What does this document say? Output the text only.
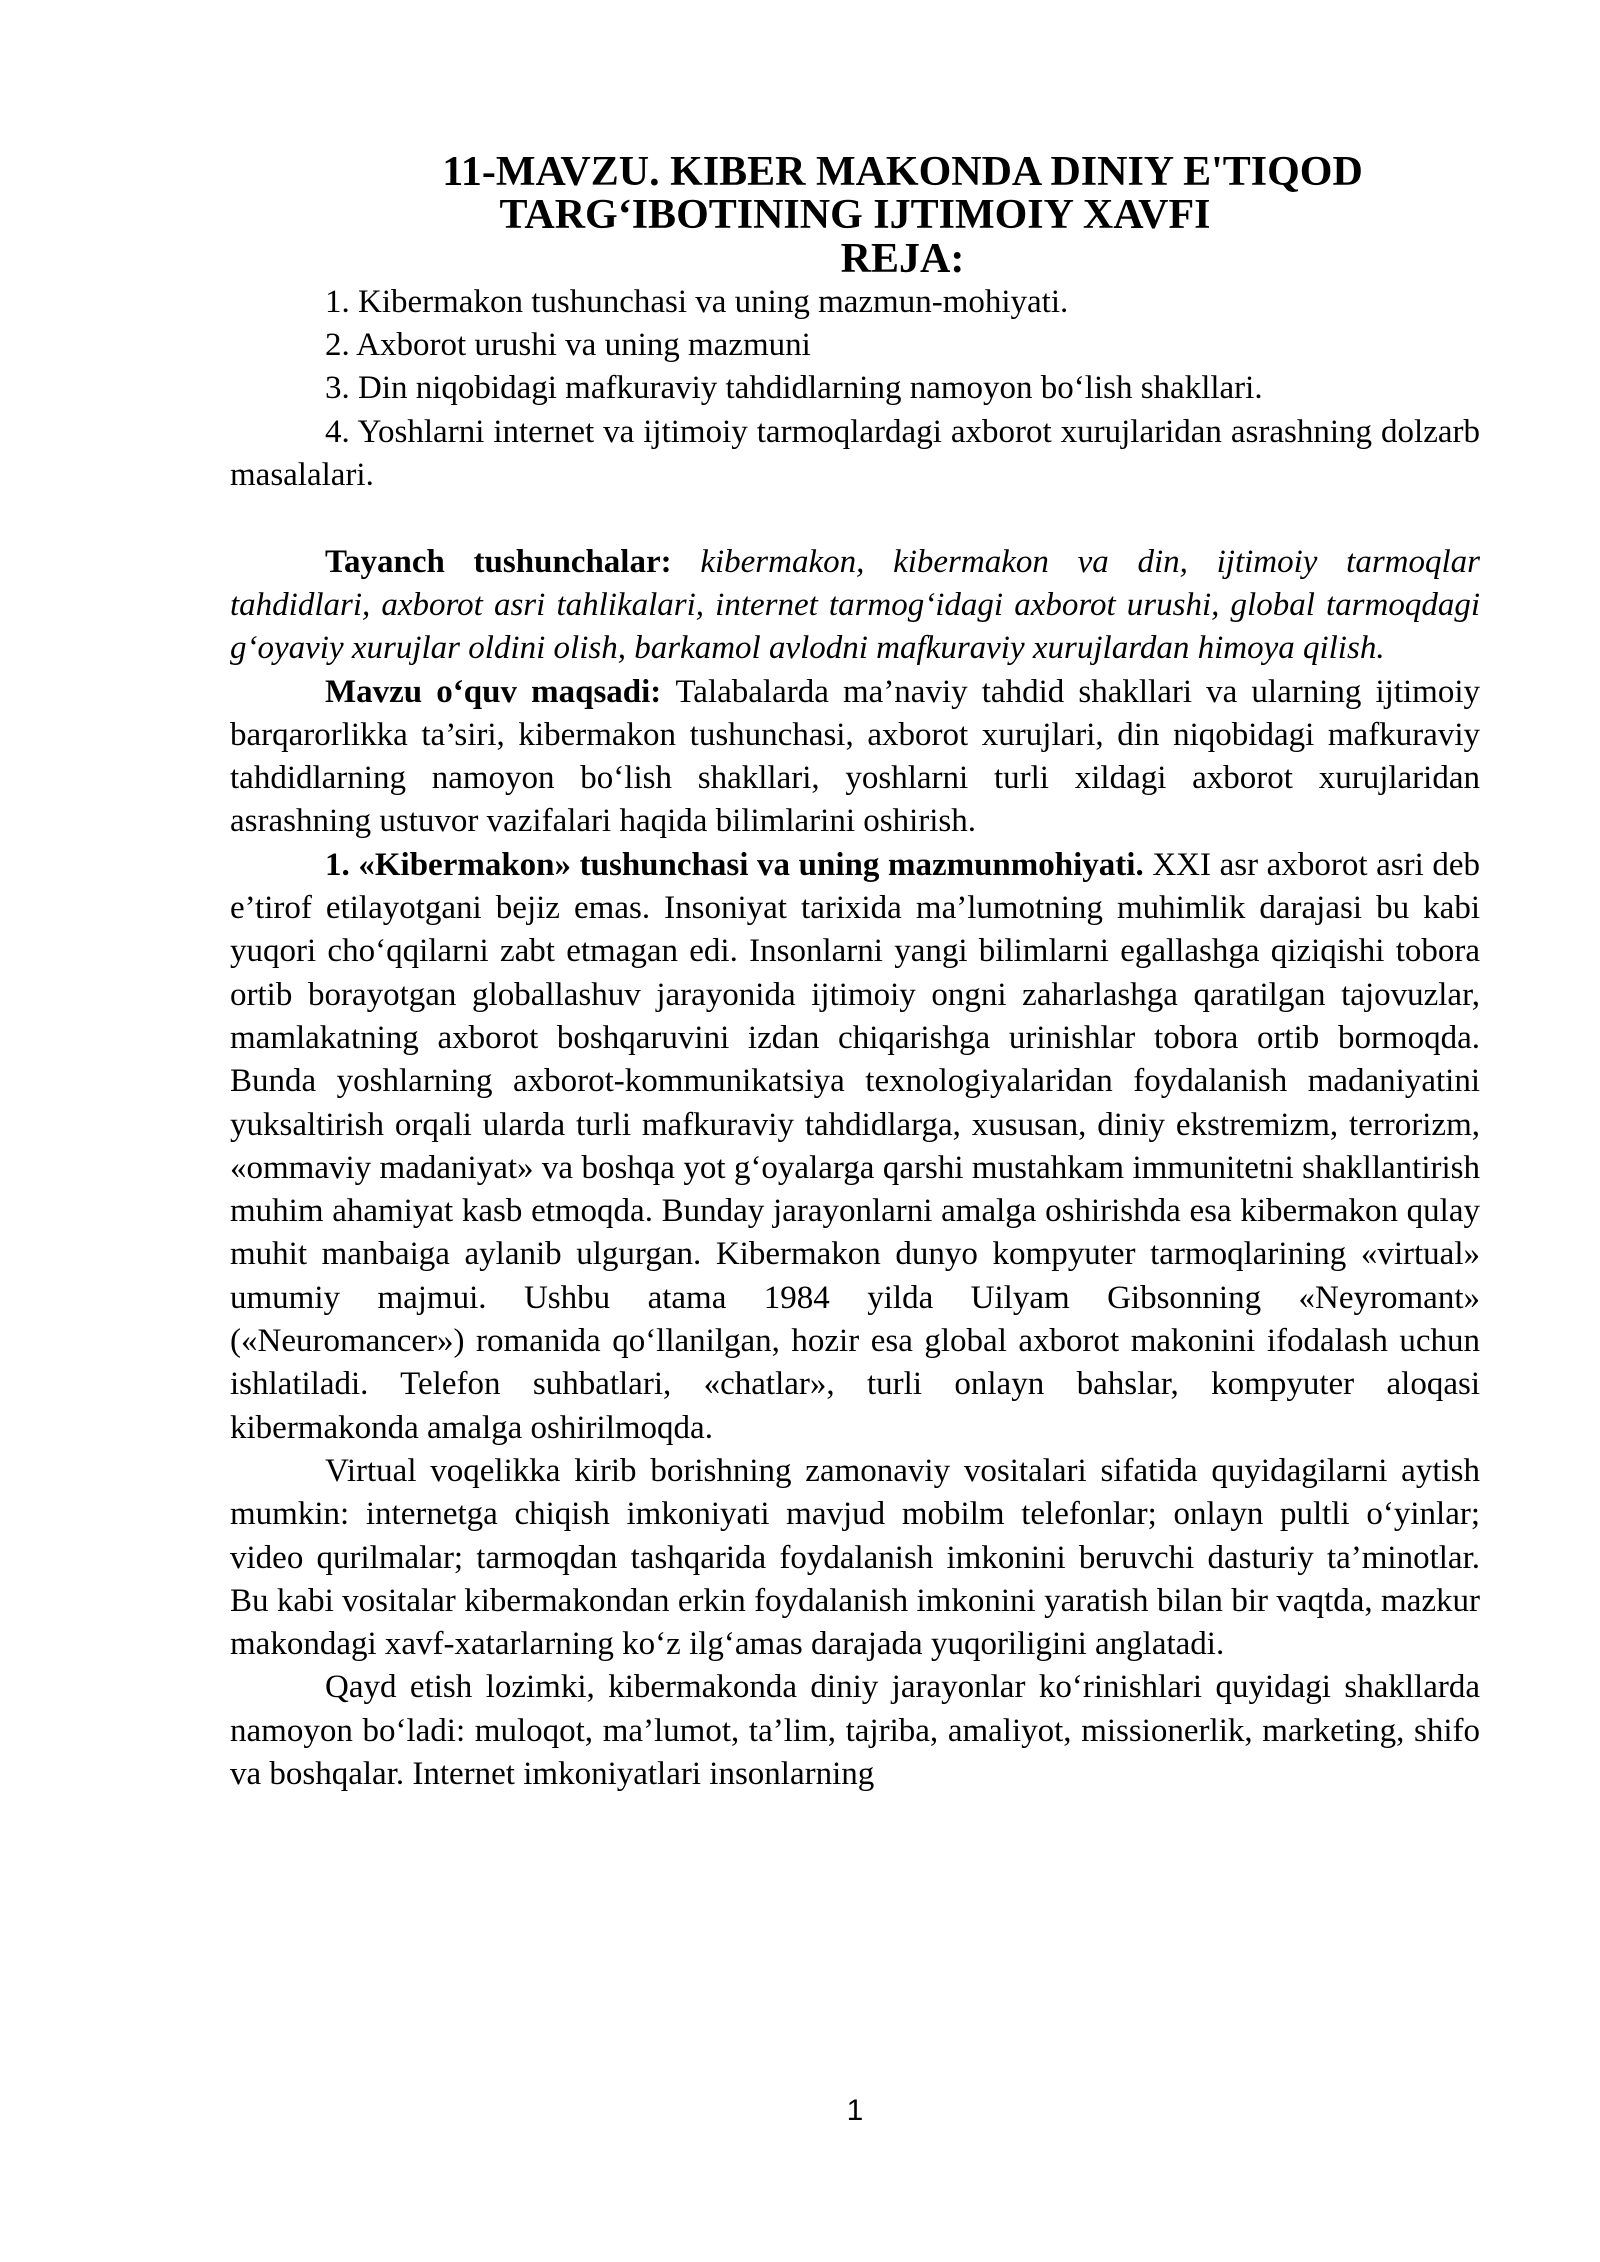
11-MAVZU. KIBER MAKONDA DINIY E'TIQOD
TARG‘IBOTINING IJTIMOIY XAVFI
REJA:

1. Kibermakon tushunchasi va uning mazmun-mohiyati.

2. Axborot urushi va uning mazmuni

3. Din niqobidagi mafkuraviy tahdidlarning namoyon bo‘lish shakllari.

4. Yoshlarni internet va ijtimoiy tarmoqlardagi axborot xurujlaridan asrashning dolzarb masalalari.

Tayanch tushunchalar: kibermakon, kibermakon va din, ijtimoiy tarmoqlar tahdidlari, axborot asri tahlikalari, internet tarmog‘idagi axborot urushi, global tarmoqdagi g‘oyaviy xurujlar oldini olish, barkamol avlodni mafkuraviy xurujlardan himoya qilish.

Mavzu o‘quv maqsadi: Talabalarda ma’naviy tahdid shakllari va ularning ijtimoiy barqarorlikka ta’siri, kibermakon tushunchasi, axborot xurujlari, din niqobidagi mafkuraviy tahdidlarning namoyon bo‘lish shakllari, yoshlarni turli xildagi axborot xurujlaridan asrashning ustuvor vazifalari haqida bilimlarini oshirish.

1. «Kibermakon» tushunchasi va uning mazmunmohiyati. XXI asr axborot asri deb e’tirof etilayotgani bejiz emas. Insoniyat tarixida ma’lumotning muhimlik darajasi bu kabi yuqori cho‘qqilarni zabt etmagan edi. Insonlarni yangi bilimlarni egallashga qiziqishi tobora ortib borayotgan globallashuv jarayonida ijtimoiy ongni zaharlashga qaratilgan tajovuzlar, mamlakatning axborot boshqaruvini izdan chiqarishga urinishlar tobora ortib bormoqda. Bunda yoshlarning axborot-kommunikatsiya texnologiyalaridan foydalanish madaniyatini yuksaltirish orqali ularda turli mafkuraviy tahdidlarga, xususan, diniy ekstremizm, terrorizm, «ommaviy madaniyat» va boshqa yot g‘oyalarga qarshi mustahkam immunitetni shakllantirish muhim ahamiyat kasb etmoqda. Bunday jarayonlarni amalga oshirishda esa kibermakon qulay muhit manbaiga aylanib ulgurgan. Kibermakon dunyo kompyuter tarmoqlarining «virtual» umumiy majmui. Ushbu atama 1984 yilda Uilyam Gibsonning «Neyromant» («Neuromancer») romanida qo‘llanilgan, hozir esa global axborot makonini ifodalash uchun ishlatiladi. Telefon suhbatlari, «chatlar», turli onlayn bahslar, kompyuter aloqasi kibermakonda amalga oshirilmoqda.

Virtual voqelikka kirib borishning zamonaviy vositalari sifatida quyidagilarni aytish mumkin: internetga chiqish imkoniyati mavjud mobilm telefonlar; onlayn pultli o‘yinlar; video qurilmalar; tarmoqdan tashqarida foydalanish imkonini beruvchi dasturiy ta’minotlar. Bu kabi vositalar kibermakondan erkin foydalanish imkonini yaratish bilan bir vaqtda, mazkur makondagi xavf-xatarlarning ko‘z ilg‘amas darajada yuqoriligini anglatadi.

Qayd etish lozimki, kibermakonda diniy jarayonlar ko‘rinishlari quyidagi shakllarda namoyon bo‘ladi: muloqot, ma’lumot, ta’lim, tajriba, amaliyot, missionerlik, marketing, shifo va boshqalar. Internet imkoniyatlari insonlarning

1
